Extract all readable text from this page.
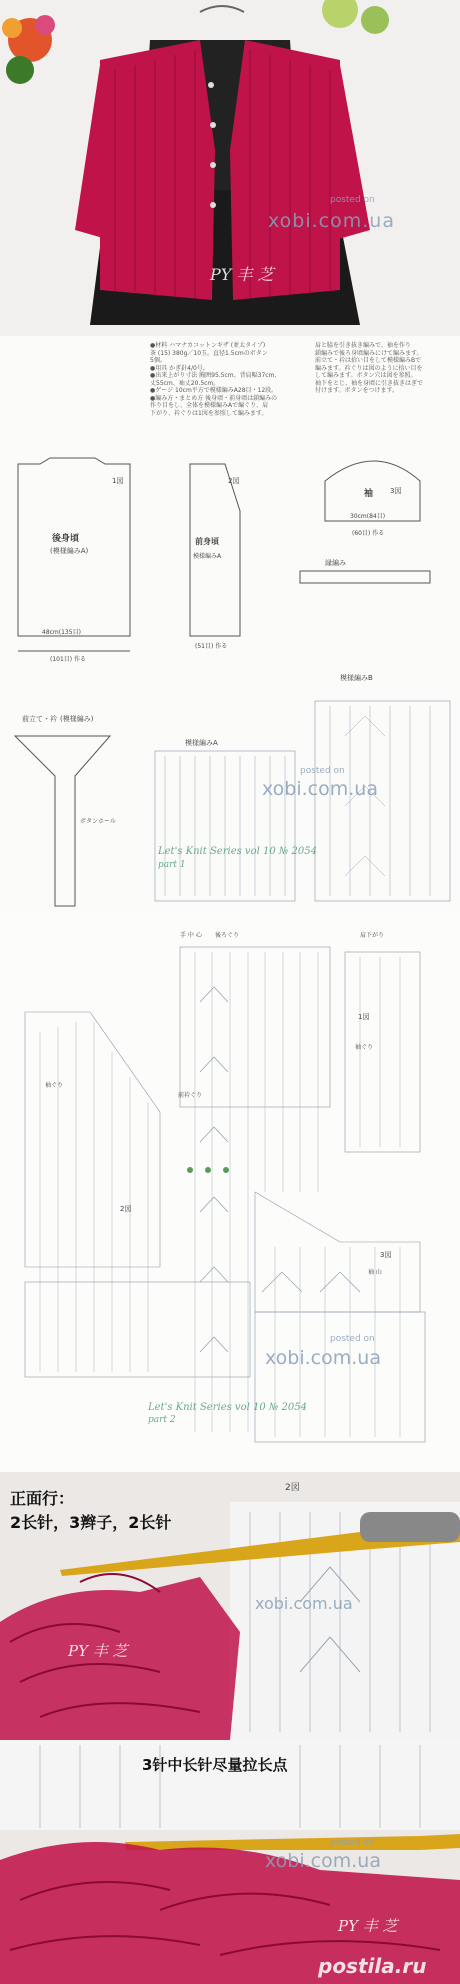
posted on
xobi.com.ua
PY 丰 芝
●材料 ハマナカコットンギザ (並太タイプ)
茶 (15) 380g／10玉。直径1.5cmのボタン
5個。
●用具 かぎ針4/0号。
●出来上がり寸法 胸囲95.5cm、背肩幅37cm、
丈55cm、袖丈20.5cm。
●ゲージ 10cm平方で模様編みA28目・12段。
●編み方・まとめ方 後身頃・前身頃は鎖編みの
作り目をし、全体を模様編みAで編ぐり、肩
下がり、衿ぐりは1図を参照して編みます。
肩と脇を引き抜き編みで、袖を作り
鎖編みで後ろ身頃編みにけて編みます。
前立て・衿は拾い目をして模様編みBで
編みます。衿ぐりは図のように拾い目を
して編みます。ボタン穴は図を参照。
袖下をとじ、袖を身頃に引き抜きはぎで
付けます。ボタンをつけます。
1図
後身頃
(模様編みA)
48cm(135目)
(101目) 作る
2図
前身頃
模様編みA
(51目) 作る
袖 3図
30cm(84目)
(60目) 作る
縁編み
前立て・衿 (模様編み)
ボタンホール
模様編みA
模様編みB
posted on
xobi.com.ua
Let's Knit Series vol 10 № 2054
part 1
手 中 心 後ろぐり	肩下がり
1図
袖ぐり
袖ぐり
前衿ぐり
2図
3図
袖 山
posted on
xobi.com.ua
Let's Knit Series vol 10 № 2054
part 2
正面行：
2长针，3辫子，2长针
2図
xobi.com.ua
PY 丰 芝
3针中长针尽量拉长点
posted on
xobi.com.ua
PY 丰 芝
postila.ru
